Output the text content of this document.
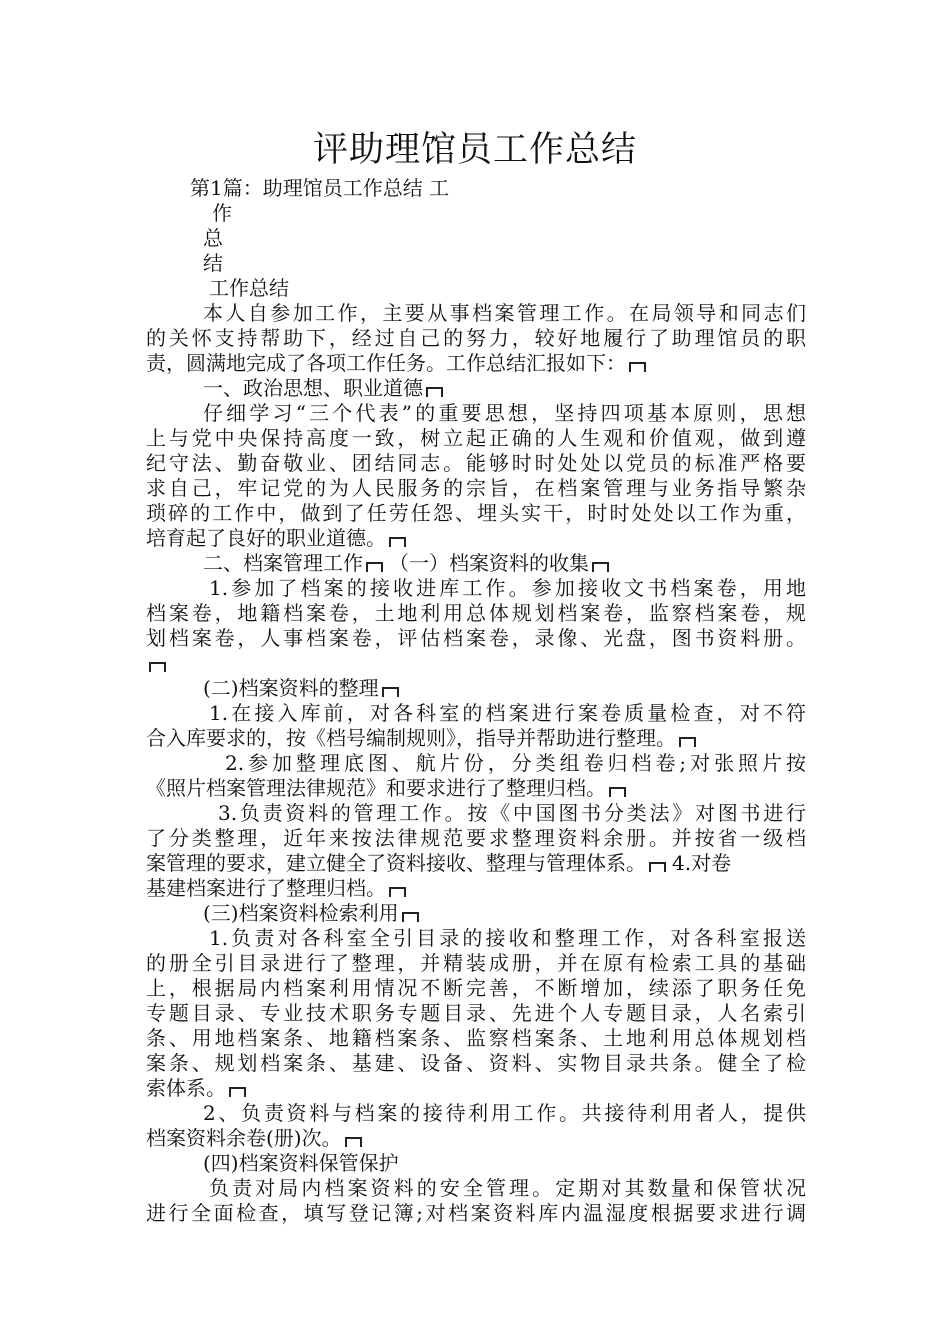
评助理馆员工作总结
第1篇：助理馆员工作总结 工
作
总
结
工作总结
本人自参加工作，主要从事档案管理工作。在局领导和同志们
的关怀支持帮助下，经过自己的努力，较好地履行了助理馆员的职
责，圆满地完成了各项工作任务。工作总结汇报如下：
一、政治思想、职业道德
仔细学习“三个代表”的重要思想，坚持四项基本原则，思想
上与党中央保持高度一致，树立起正确的人生观和价值观，做到遵
纪守法、勤奋敬业、团结同志。能够时时处处以党员的标准严格要
求自己，牢记党的为人民服务的宗旨，在档案管理与业务指导繁杂
琐碎的工作中，做到了任劳任怨、埋头实干，时时处处以工作为重，
培育起了良好的职业道德。
二、档案管理工作 （一）档案资料的收集
1.参加了档案的接收进库工作。参加接收文书档案卷，用地
档案卷，地籍档案卷，土地利用总体规划档案卷，监察档案卷，规
划档案卷，人事档案卷，评估档案卷，录像、光盘，图书资料册。
(二)档案资料的整理
1.在接入库前，对各科室的档案进行案卷质量检查，对不符
合入库要求的，按《档号编制规则》，指导并帮助进行整理。
2.参加整理底图、航片份，分类组卷归档卷;对张照片按
《照片档案管理法律规范》和要求进行了整理归档。
3.负责资料的管理工作。按《中国图书分类法》对图书进行
了分类整理，近年来按法律规范要求整理资料余册。并按省一级档
案管理的要求，建立健全了资料接收、整理与管理体系。 4.对卷
基建档案进行了整理归档。
(三)档案资料检索利用
1.负责对各科室全引目录的接收和整理工作，对各科室报送
的册全引目录进行了整理，并精装成册，并在原有检索工具的基础
上，根据局内档案利用情况不断完善，不断增加，续添了职务任免
专题目录、专业技术职务专题目录、先进个人专题目录，人名索引
条、用地档案条、地籍档案条、监察档案条、土地利用总体规划档
案条、规划档案条、基建、设备、资料、实物目录共条。健全了检
索体系。
2、负责资料与档案的接待利用工作。共接待利用者人，提供
档案资料余卷(册)次。
(四)档案资料保管保护
负责对局内档案资料的安全管理。定期对其数量和保管状况
进行全面检查，填写登记簿;对档案资料库内温湿度根据要求进行调
